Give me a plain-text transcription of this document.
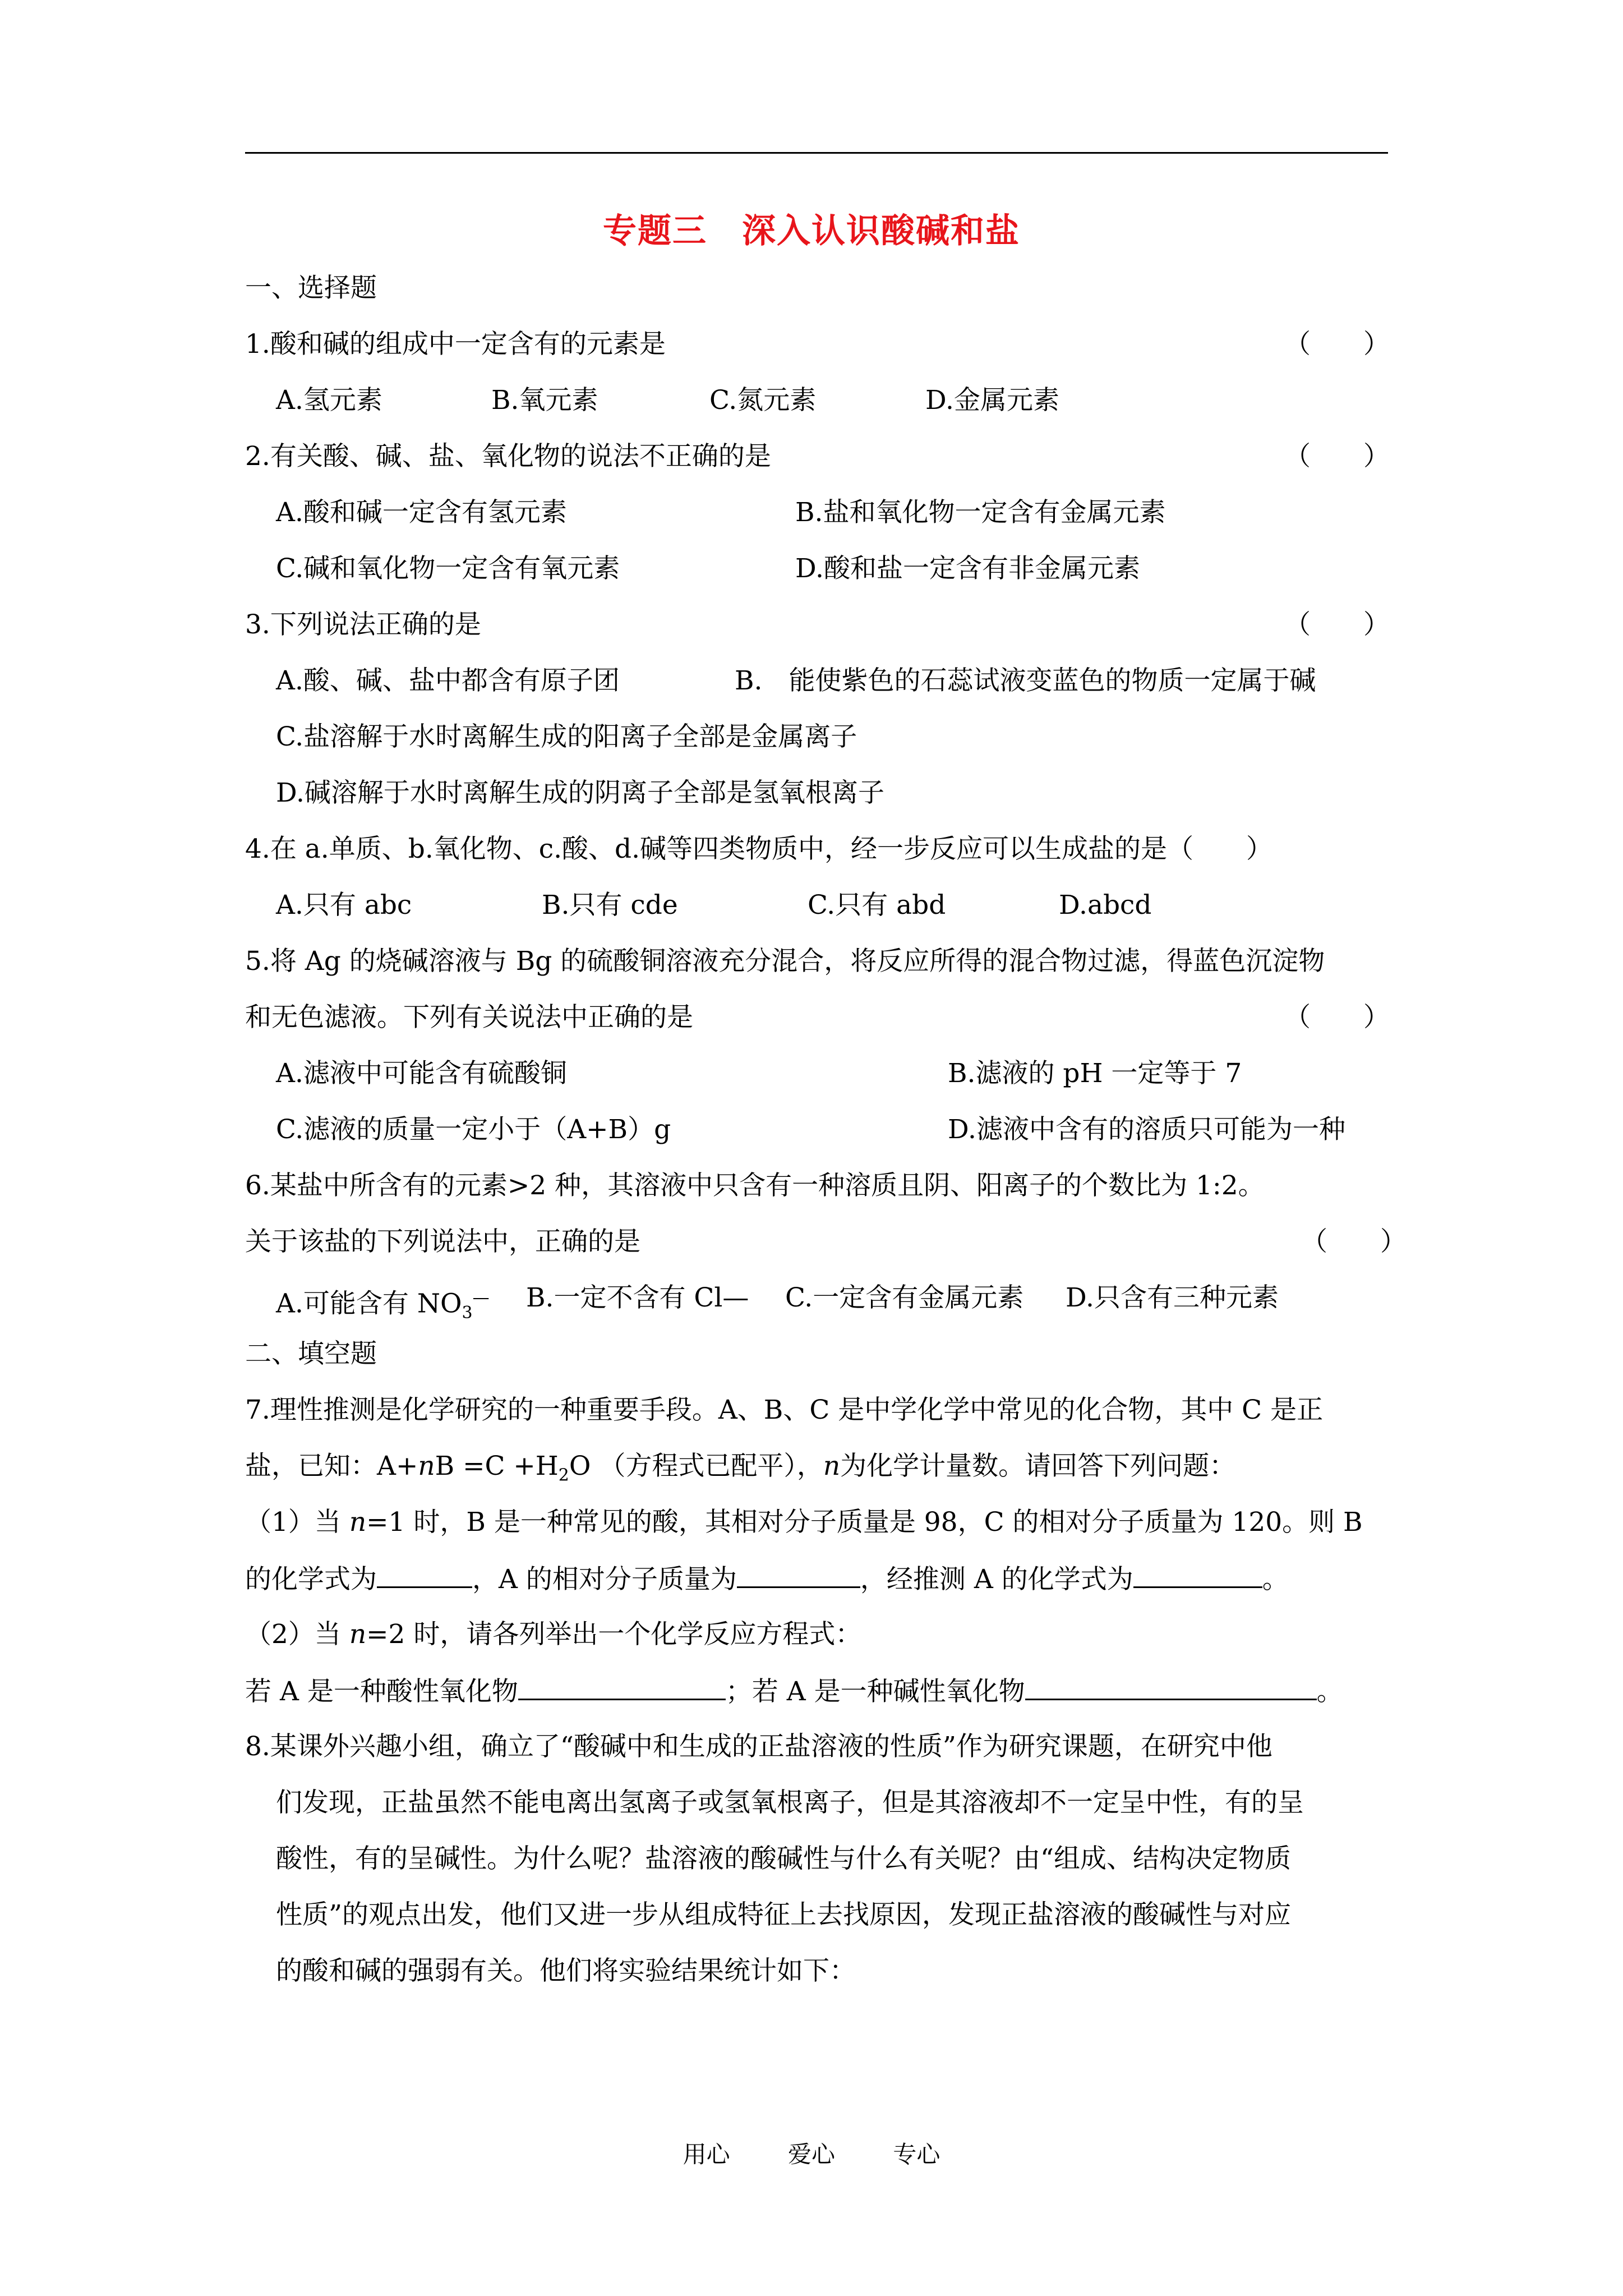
专题三　深入认识酸碱和盐
一、选择题
1.酸和碱的组成中一定含有的元素是	（　　）
A.氢元素	B.氧元素	C.氮元素	D.金属元素
2.有关酸、碱、盐、氧化物的说法不正确的是	（　　）
A.酸和碱一定含有氢元素	B.盐和氧化物一定含有金属元素
C.碱和氧化物一定含有氧元素	D.酸和盐一定含有非金属元素
3.下列说法正确的是	（　　）
A.酸、碱、盐中都含有原子团	B.　能使紫色的石蕊试液变蓝色的物质一定属于碱
C.盐溶解于水时离解生成的阳离子全部是金属离子
D.碱溶解于水时离解生成的阴离子全部是氢氧根离子
4.在 a.单质、b.氧化物、c.酸、d.碱等四类物质中，经一步反应可以生成盐的是（　　）
A.只有 abc	B.只有 cde	C.只有 abd	D.abcd
5.将 Ag 的烧碱溶液与 Bg 的硫酸铜溶液充分混合，将反应所得的混合物过滤，得蓝色沉淀物
和无色滤液。下列有关说法中正确的是	（　　）
A.滤液中可能含有硫酸铜	B.滤液的 pH 一定等于 7
C.滤液的质量一定小于（A+B）g	D.滤液中含有的溶质只可能为一种
6.某盐中所含有的元素>2 种，其溶液中只含有一种溶质且阴、阳离子的个数比为 1:2。
关于该盐的下列说法中，正确的是	（　　）
A.可能含有 $NO_3^—$ B.一定不含有 Cl— C.一定含有金属元素 D.只含有三种元素
二、填空题
7.理性推测是化学研究的一种重要手段。A、B、C 是中学化学中常见的化合物，其中 C 是正
盐，已知：$A+nB =C +H_2O$ （方程式已配平），n为化学计量数。请回答下列问题：
（1）当 n=1 时，B 是一种常见的酸，其相对分子质量是 98，C 的相对分子质量为 120。则 B
的化学式为	，A 的相对分子质量为	，经推测 A 的化学式为	。
（2）当 n=2 时，请各列举出一个化学反应方程式：
若 A 是一种酸性氧化物	；若 A 是一种碱性氧化物	。
8.某课外兴趣小组，确立了“酸碱中和生成的正盐溶液的性质”作为研究课题，在研究中他
们发现，正盐虽然不能电离出氢离子或氢氧根离子，但是其溶液却不一定呈中性，有的呈
酸性，有的呈碱性。为什么呢？盐溶液的酸碱性与什么有关呢？由“组成、结构决定物质
性质”的观点出发，他们又进一步从组成特征上去找原因，发现正盐溶液的酸碱性与对应
的酸和碱的强弱有关。他们将实验结果统计如下：
用心 爱心 专心
